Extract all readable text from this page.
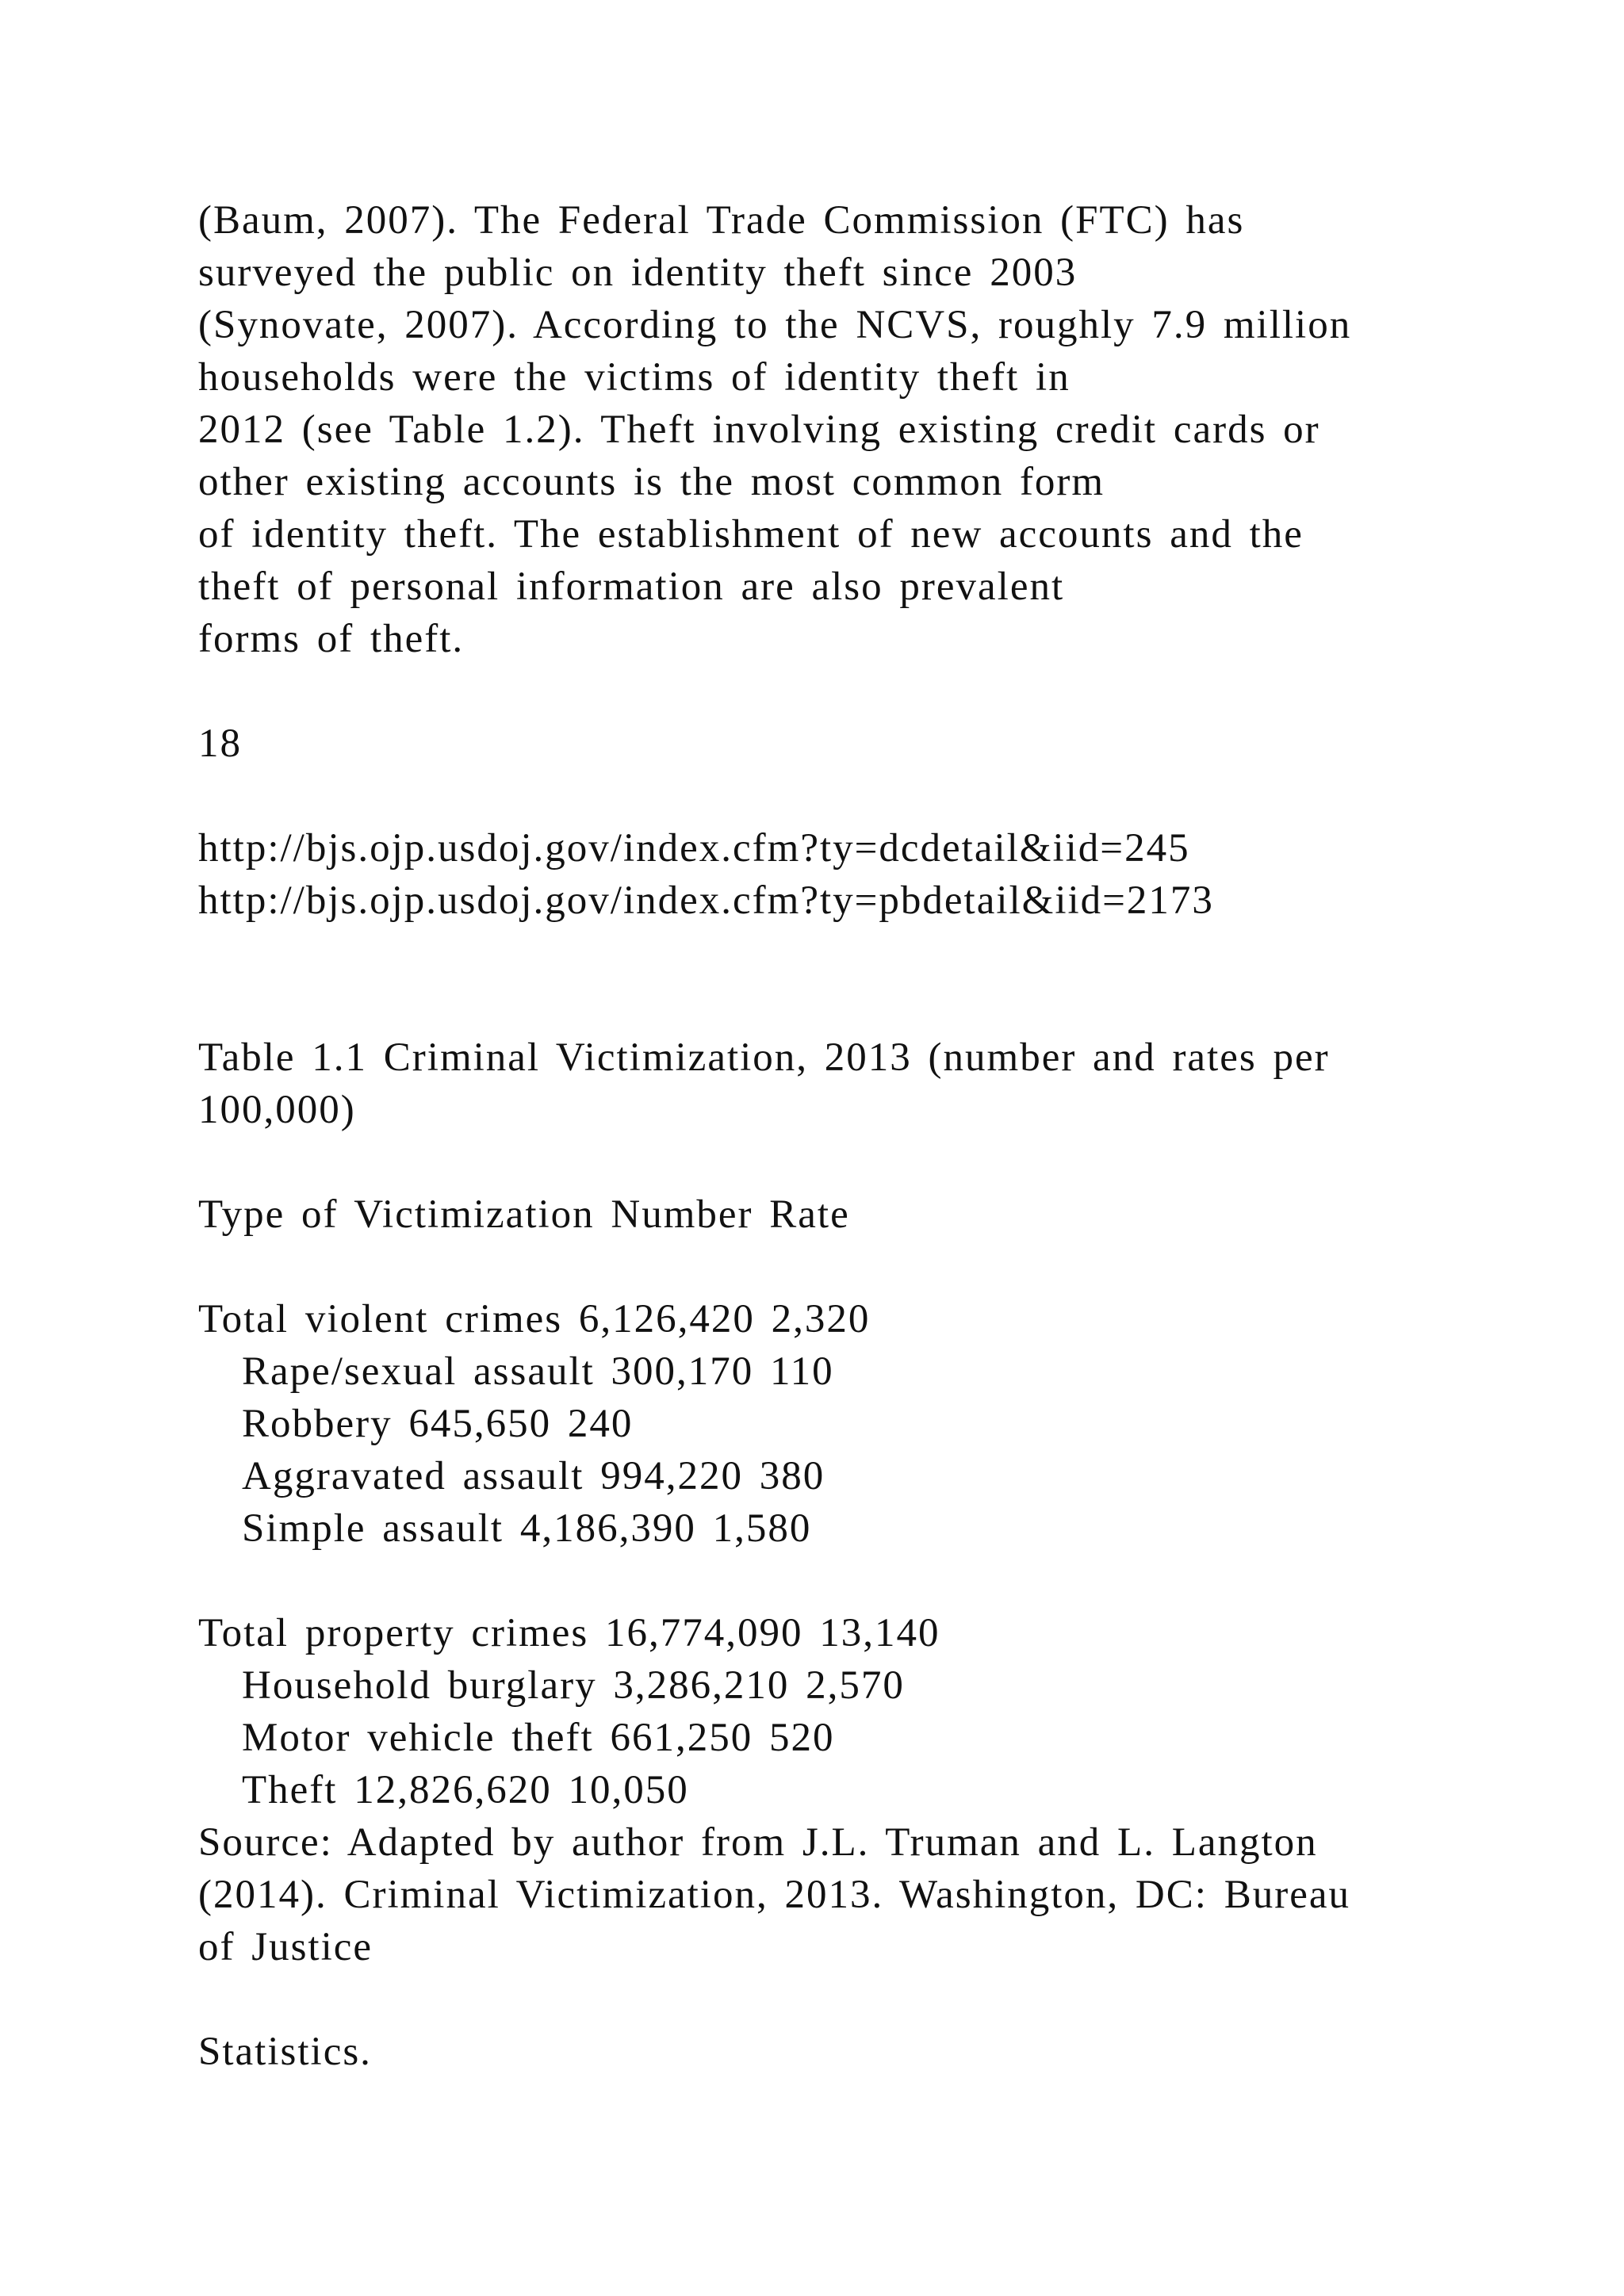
(Baum, 2007). The Federal Trade Commission (FTC) has
surveyed the public on identity theft since 2003
(Synovate, 2007). According to the NCVS, roughly 7.9 million
households were the victims of identity theft in
2012 (see Table 1.2). Theft involving existing credit cards or
other existing accounts is the most common form
of identity theft. The establishment of new accounts and the
theft of personal information are also prevalent
forms of theft.
18
http://bjs.ojp.usdoj.gov/index.cfm?ty=dcdetail&iid=245
http://bjs.ojp.usdoj.gov/index.cfm?ty=pbdetail&iid=2173
Table 1.1 Criminal Victimization, 2013 (number and rates per
100,000)
Type of Victimization Number Rate
Total violent crimes 6,126,420 2,320
Rape/sexual assault 300,170 110
Robbery 645,650 240
Aggravated assault 994,220 380
Simple assault 4,186,390 1,580
Total property crimes 16,774,090 13,140
Household burglary 3,286,210 2,570
Motor vehicle theft 661,250 520
Theft 12,826,620 10,050
Source: Adapted by author from J.L. Truman and L. Langton
(2014). Criminal Victimization, 2013. Washington, DC: Bureau
of Justice
Statistics.
